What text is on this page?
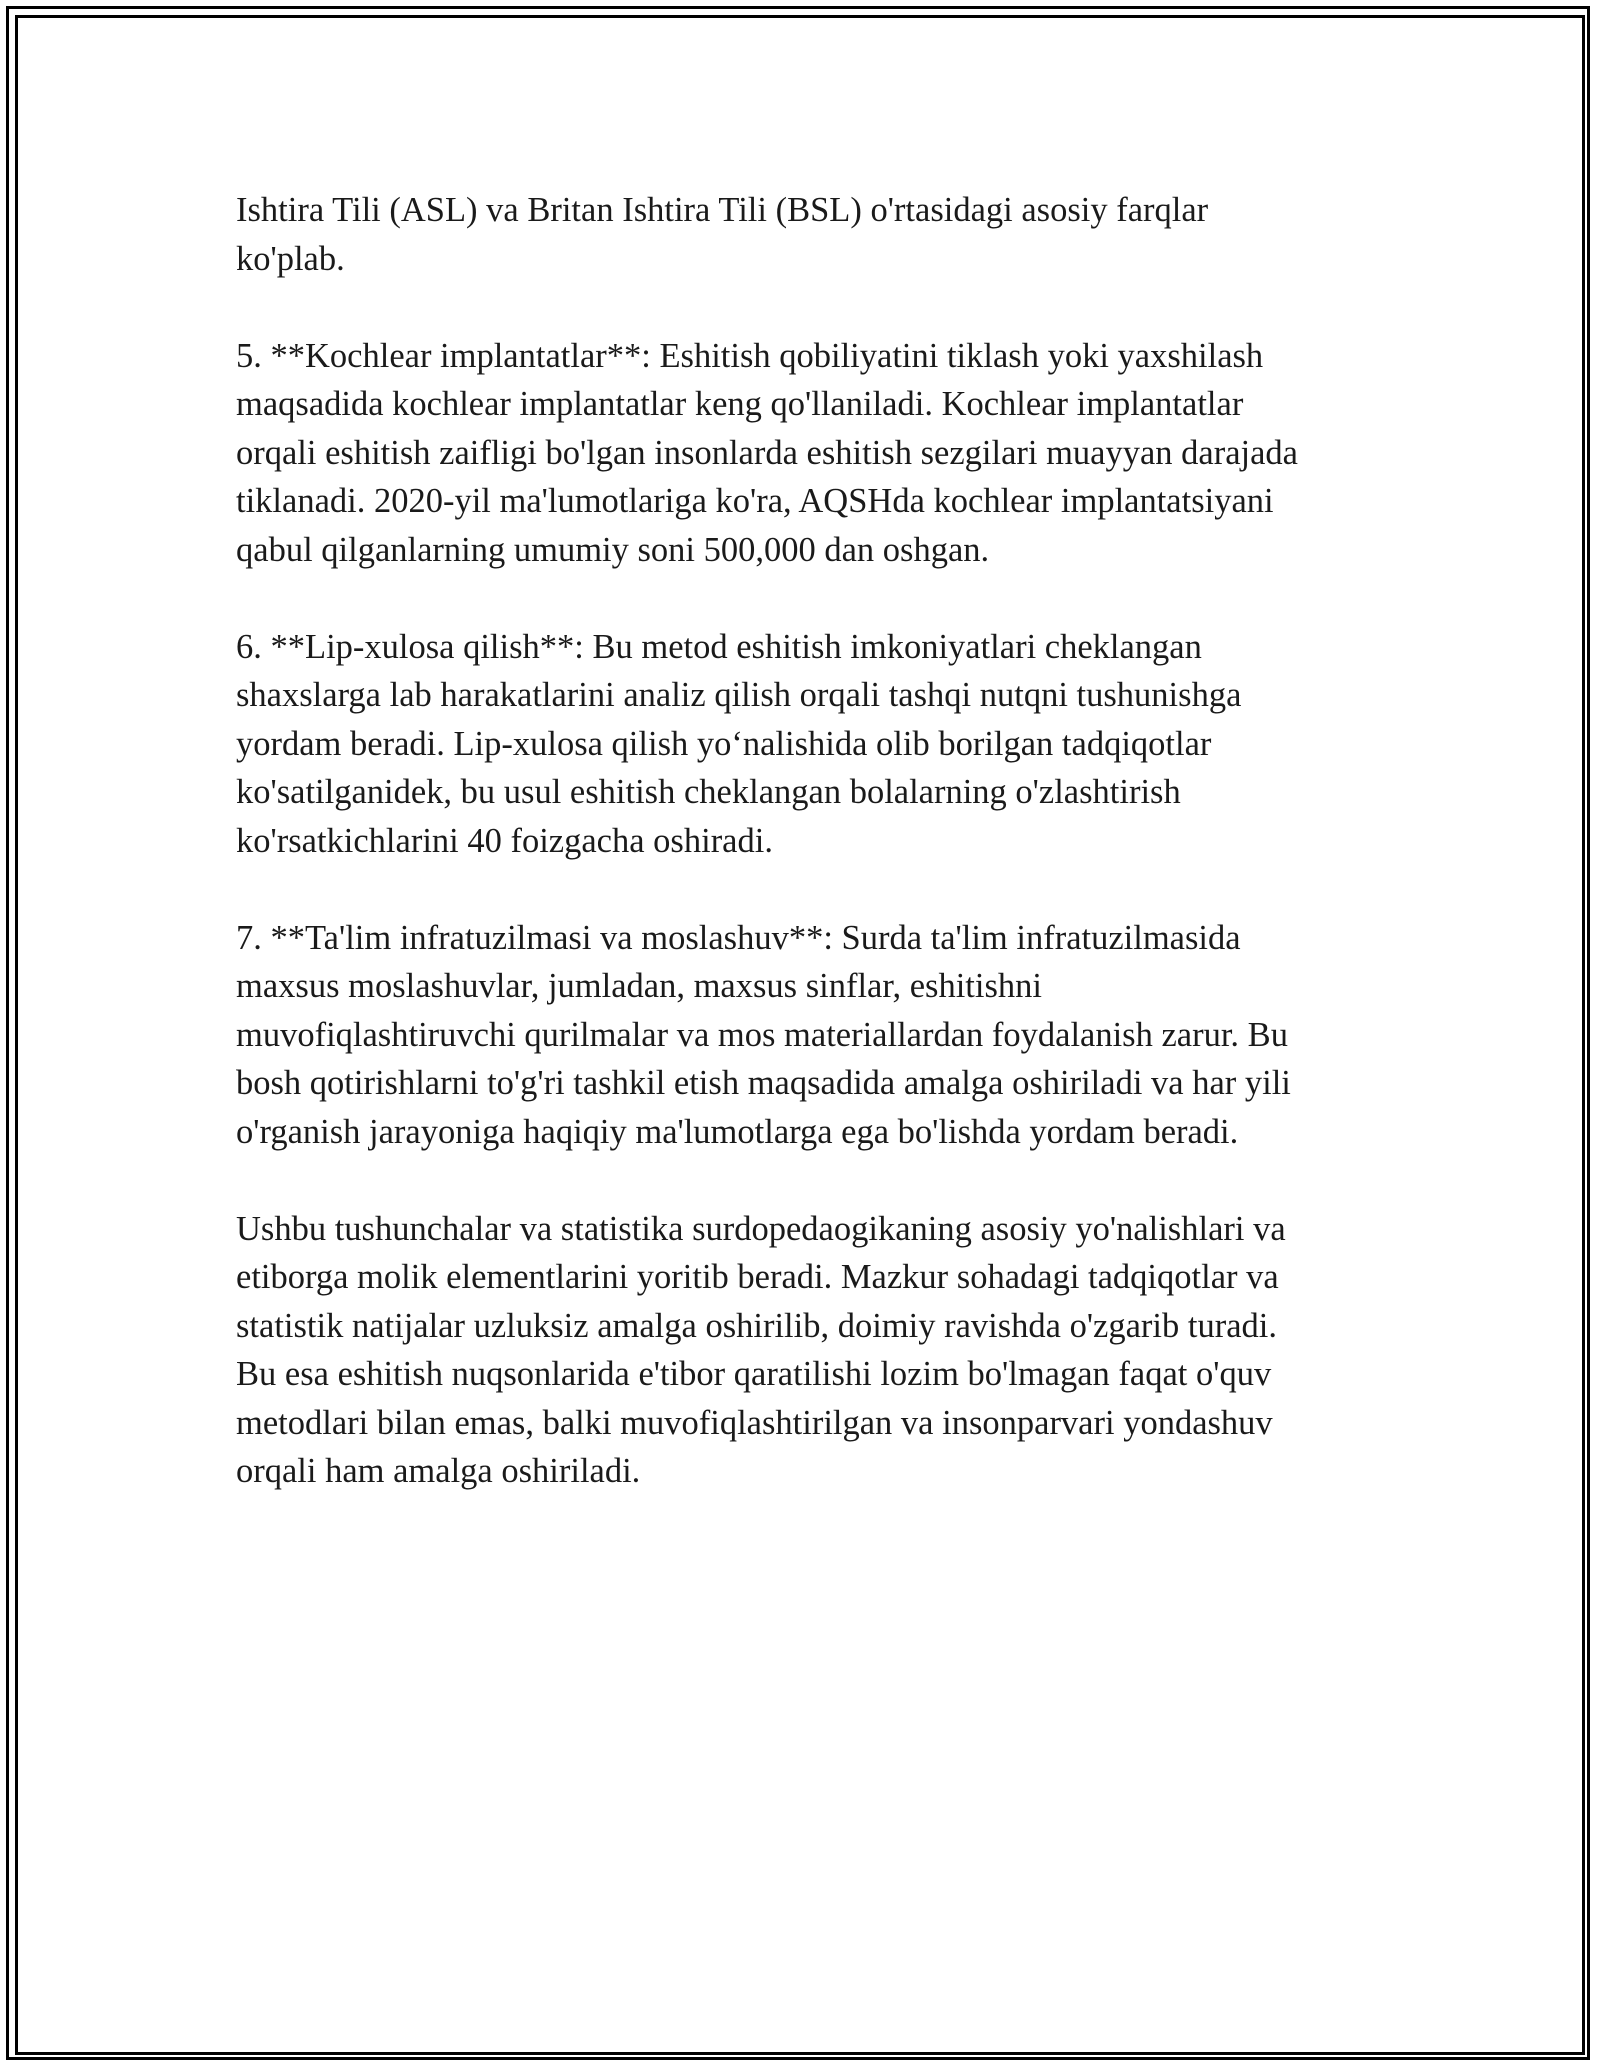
Ishtira Tili (ASL) va Britan Ishtira Tili (BSL) o'rtasidagi asosiy farqlar
ko'plab.

5. **Kochlear implantatlar**: Eshitish qobiliyatini tiklash yoki yaxshilash
maqsadida kochlear implantatlar keng qo'llaniladi. Kochlear implantatlar
orqali eshitish zaifligi bo'lgan insonlarda eshitish sezgilari muayyan darajada
tiklanadi. 2020-yil ma'lumotlariga ko'ra, AQSHda kochlear implantatsiyani
qabul qilganlarning umumiy soni 500,000 dan oshgan.

6. **Lip-xulosa qilish**: Bu metod eshitish imkoniyatlari cheklangan
shaxslarga lab harakatlarini analiz qilish orqali tashqi nutqni tushunishga
yordam beradi. Lip-xulosa qilish yo‘nalishida olib borilgan tadqiqotlar
ko'satilganidek, bu usul eshitish cheklangan bolalarning o'zlashtirish
ko'rsatkichlarini 40 foizgacha oshiradi.

7. **Ta'lim infratuzilmasi va moslashuv**: Surda ta'lim infratuzilmasida
maxsus moslashuvlar, jumladan, maxsus sinflar, eshitishni
muvofiqlashtiruvchi qurilmalar va mos materiallardan foydalanish zarur. Bu
bosh qotirishlarni to'g'ri tashkil etish maqsadida amalga oshiriladi va har yili
o'rganish jarayoniga haqiqiy ma'lumotlarga ega bo'lishda yordam beradi.

Ushbu tushunchalar va statistika surdopedaogikaning asosiy yo'nalishlari va
etiborga molik elementlarini yoritib beradi. Mazkur sohadagi tadqiqotlar va
statistik natijalar uzluksiz amalga oshirilib, doimiy ravishda o'zgarib turadi.
Bu esa eshitish nuqsonlarida e'tibor qaratilishi lozim bo'lmagan faqat o'quv
metodlari bilan emas, balki muvofiqlashtirilgan va insonparvari yondashuv
orqali ham amalga oshiriladi.
